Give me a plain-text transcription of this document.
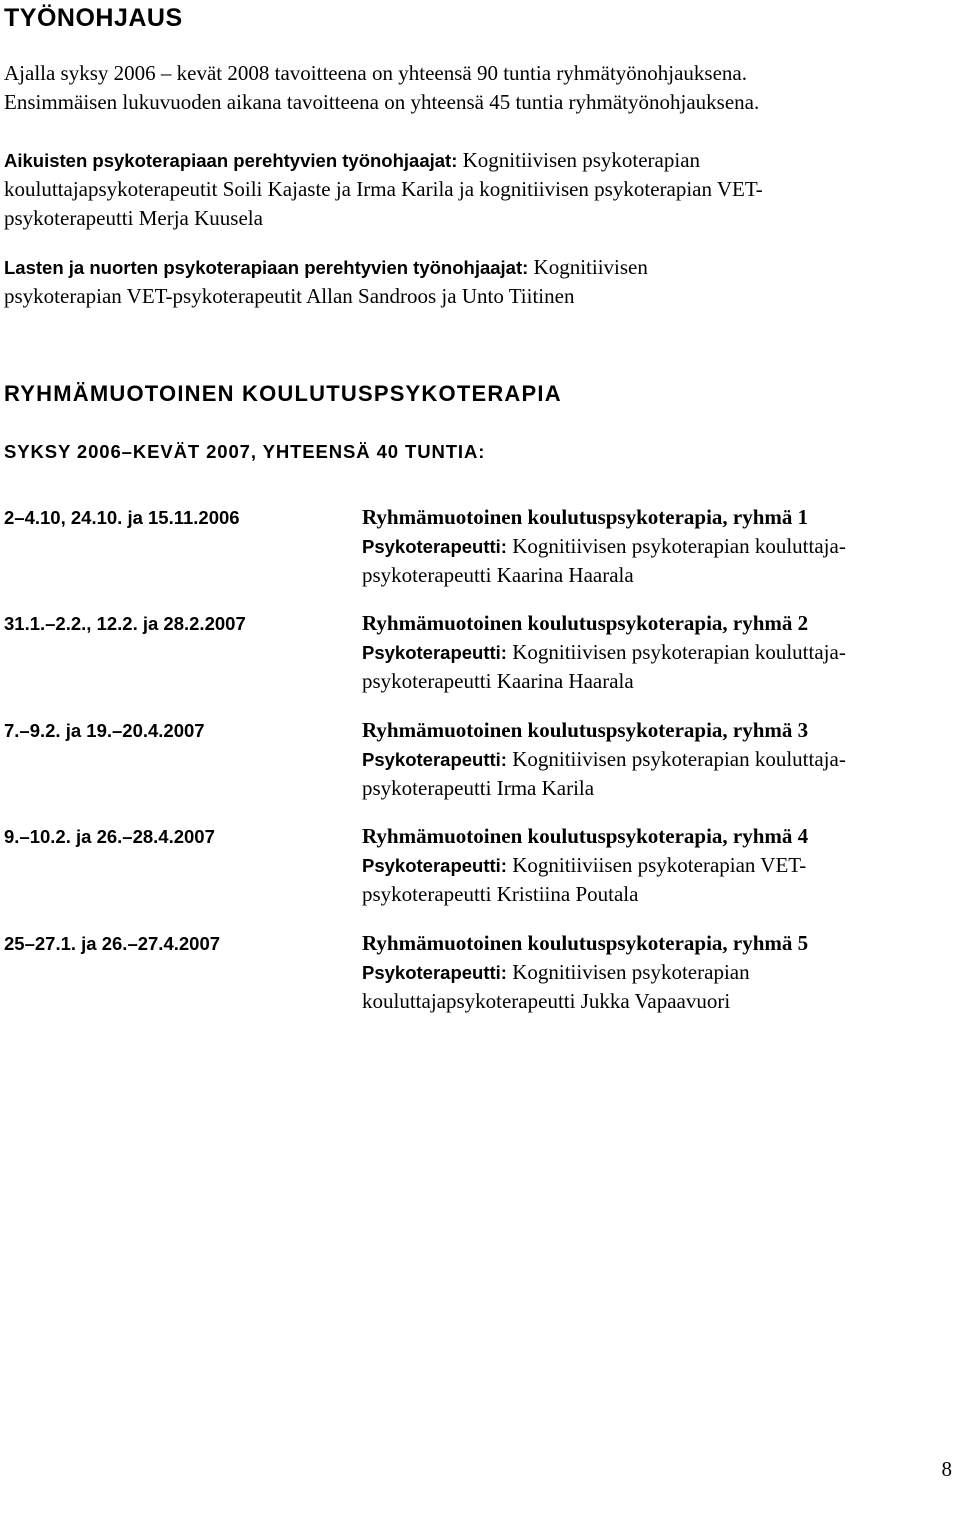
TYÖNOHJAUS
Ajalla syksy 2006 – kevät 2008 tavoitteena on yhteensä 90 tuntia ryhmätyönohjauksena.
Ensimmäisen lukuvuoden aikana tavoitteena on yhteensä 45 tuntia ryhmätyönohjauksena.
Aikuisten psykoterapiaan perehtyvien työnohjaajat: Kognitiivisen psykoterapian
kouluttajapsykoterapeutit Soili Kajaste ja Irma Karila ja kognitiivisen psykoterapian VET-
psykoterapeutti Merja Kuusela
Lasten ja nuorten psykoterapiaan perehtyvien työnohjaajat: Kognitiivisen
psykoterapian VET-psykoterapeutit Allan Sandroos ja Unto Tiitinen
RYHMÄMUOTOINEN KOULUTUSPSYKOTERAPIA
SYKSY 2006–KEVÄT 2007, YHTEENSÄ 40 TUNTIA:
2–4.10, 24.10. ja 15.11.2006	Ryhmämuotoinen koulutuspsykoterapia, ryhmä 1
Psykoterapeutti: Kognitiivisen psykoterapian kouluttaja-
psykoterapeutti Kaarina Haarala
31.1.–2.2., 12.2. ja 28.2.2007	Ryhmämuotoinen koulutuspsykoterapia, ryhmä 2
Psykoterapeutti: Kognitiivisen psykoterapian kouluttaja-
psykoterapeutti Kaarina Haarala
7.–9.2. ja 19.–20.4.2007	Ryhmämuotoinen koulutuspsykoterapia, ryhmä 3
Psykoterapeutti: Kognitiivisen psykoterapian kouluttaja-
psykoterapeutti Irma Karila
9.–10.2. ja 26.–28.4.2007	Ryhmämuotoinen koulutuspsykoterapia, ryhmä 4
Psykoterapeutti: Kognitiiviisen psykoterapian VET-
psykoterapeutti Kristiina Poutala
25–27.1. ja 26.–27.4.2007	Ryhmämuotoinen koulutuspsykoterapia, ryhmä 5
Psykoterapeutti: Kognitiivisen psykoterapian
kouluttajapsykoterapeutti Jukka Vapaavuori
8
